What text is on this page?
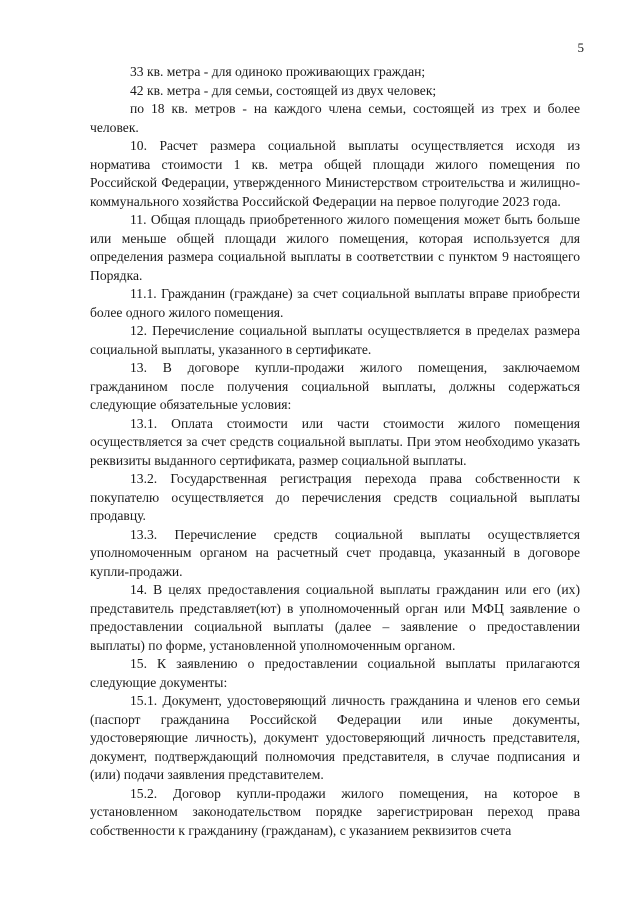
5

33 кв. метра - для одиноко проживающих граждан;

42 кв. метра - для семьи, состоящей из двух человек;

по 18 кв. метров - на каждого члена семьи, состоящей из трех и более человек.

10. Расчет размера социальной выплаты осуществляется исходя из норматива стоимости 1 кв. метра общей площади жилого помещения по Российской Федерации, утвержденного Министерством строительства и жилищно-коммунального хозяйства Российской Федерации на первое полугодие 2023 года.

11. Общая площадь приобретенного жилого помещения может быть больше или меньше общей площади жилого помещения, которая используется для определения размера социальной выплаты в соответствии с пунктом 9 настоящего Порядка.

11.1. Гражданин (граждане) за счет социальной выплаты вправе приобрести более одного жилого помещения.

12. Перечисление социальной выплаты осуществляется в пределах размера социальной выплаты, указанного в сертификате.

13. В договоре купли-продажи жилого помещения, заключаемом гражданином после получения социальной выплаты, должны содержаться следующие обязательные условия:

13.1. Оплата стоимости или части стоимости жилого помещения осуществляется за счет средств социальной выплаты. При этом необходимо указать реквизиты выданного сертификата, размер социальной выплаты.

13.2. Государственная регистрация перехода права собственности к покупателю осуществляется до перечисления средств социальной выплаты продавцу.

13.3. Перечисление средств социальной выплаты осуществляется уполномоченным органом на расчетный счет продавца, указанный в договоре купли-продажи.

14. В целях предоставления социальной выплаты гражданин или его (их) представитель представляет(ют) в уполномоченный орган или МФЦ заявление о предоставлении социальной выплаты (далее – заявление о предоставлении выплаты) по форме, установленной уполномоченным органом.

15. К заявлению о предоставлении социальной выплаты прилагаются следующие документы:

15.1. Документ, удостоверяющий личность гражданина и членов его семьи (паспорт гражданина Российской Федерации или иные документы, удостоверяющие личность), документ удостоверяющий личность представителя, документ, подтверждающий полномочия представителя, в случае подписания и (или) подачи заявления представителем.

15.2. Договор купли-продажи жилого помещения, на которое в установленном законодательством порядке зарегистрирован переход права собственности к гражданину (гражданам), с указанием реквизитов счета
